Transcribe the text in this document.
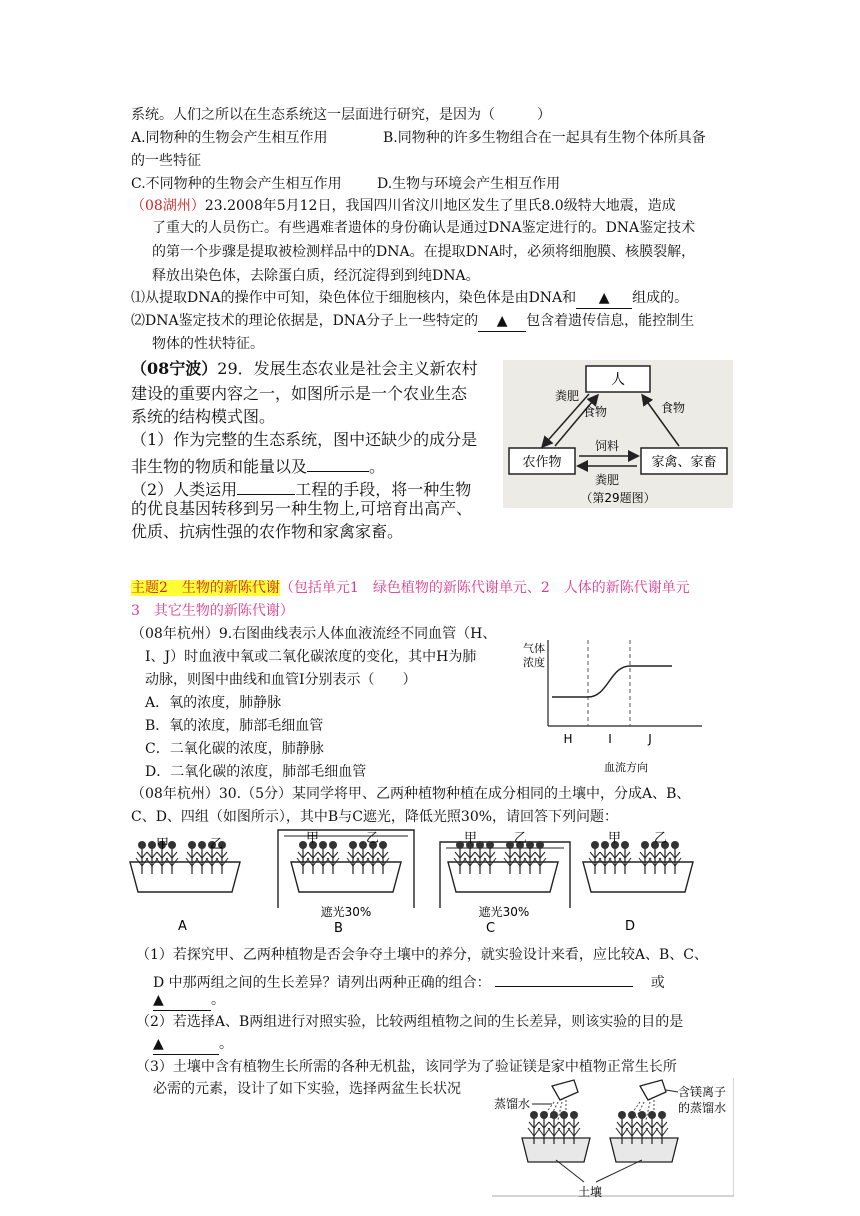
系统。人们之所以在生态系统这一层面进行研究，是因为（　　　）
A.同物种的生物会产生相互作用	B.同物种的许多生物组合在一起具有生物个体所具备
的一些特征
C.不同物种的生物会产生相互作用	D.生物与环境会产生相互作用
（08湖州）23.2008年5月12日，我国四川省汶川地区发生了里氏8.0级特大地震，造成
了重大的人员伤亡。有些遇难者遗体的身份确认是通过DNA鉴定进行的。DNA鉴定技术
的第一个步骤是提取被检测样品中的DNA。在提取DNA时，必须将细胞膜、核膜裂解，
释放出染色体，去除蛋白质，经沉淀得到到纯DNA。
⑴从提取DNA的操作中可知，染色体位于细胞核内，染色体是由DNA和 ▲ 组成的。
⑵DNA鉴定技术的理论依据是，DNA分子上一些特定的 ▲ 包含着遗传信息，能控制生
物体的性状特征。
（08宁波）29．发展生态农业是社会主义新农村
建设的重要内容之一，如图所示是一个农业生态
系统的结构模式图。
（1）作为完整的生态系统，图中还缺少的成分是
非生物的物质和能量以及	。
（2）人类运用	工程的手段，将一种生物
的优良基因转移到另一种生物上,可培育出高产、
优质、抗病性强的农作物和家禽家畜。
人
农作物	家禽、家畜
粪肥
食物	食物
饲料
粪肥
（第29题图）
主题2　生物的新陈代谢（包括单元1　绿色植物的新陈代谢单元、2　人体的新陈代谢单元
3　其它生物的新陈代谢）
（08年杭州）9.右图曲线表示人体血液流经不同血管（H、
I、J）时血液中氧或二氧化碳浓度的变化，其中H为肺
动脉，则图中曲线和血管I分别表示（　　）
A．氧的浓度，肺静脉
B．氧的浓度，肺部毛细血管
C．二氧化碳的浓度，肺静脉
D．二氧化碳的浓度，肺部毛细血管
气体浓度
H	I	J
血流方向
（08年杭州）30.（5分）某同学将甲、乙两种植物种植在成分相同的土壤中，分成A、B、
C、D、四组（如图所示），其中B与C遮光，降低光照30%，请回答下列问题：
甲	乙
A
甲	乙
遮光30%
B
甲	乙
遮光30%
C
甲	乙
D
（1）若探究甲、乙两种植物是否会争夺土壤中的养分，就实验设计来看，应比较A、B、C、
D 中那两组之间的生长差异？请列出两种正确的组合：	或
▲	。
（2）若选择A、B两组进行对照实验，比较两组植物之间的生长差异，则该实验的目的是
▲	。
（3）土壤中含有植物生长所需的各种无机盐，该同学为了验证镁是家中植物正常生长所
必需的元素，设计了如下实验，选择两盆生长状况
蒸馏水
含镁离子
的蒸馏水
土壤
